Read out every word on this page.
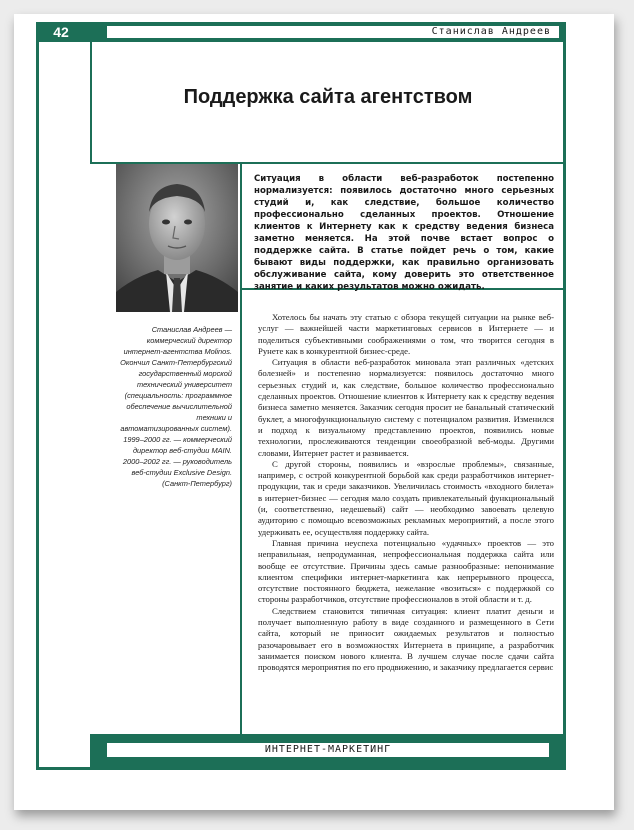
42	Станислав Андреев
Поддержка сайта агентством
Ситуация в области веб-разработок постепенно нормализуется: появилось достаточно много серьезных студий и, как следствие, большое количество профессионально сделанных проектов. Отношение клиентов к Интернету как к средству ведения бизнеса заметно меняется. На этой почве встает вопрос о поддержке сайта. В статье пойдет речь о том, какие бывают виды поддержки, как правильно организовать обслуживание сайта, кому доверить это ответственное занятие и каких результатов можно ожидать.
Станислав Андреев — коммерческий директор интернет-агентства Molinos. Окончил Санкт-Петербургский государственный морской технический университет (специальность: программное обеспечение вычислительной техники и автоматизированных систем). 1999–2000 гг. — коммерческий директор веб-студии MAIN. 2000–2002 гг. — руководитель веб-студии Exclusive Design. (Санкт-Петербург)

Хотелось бы начать эту статью с обзора текущей ситуации на рынке веб-услуг — важнейшей части маркетинговых сервисов в Интернете — и поделиться субъективными соображениями о том, что творится сегодня в Рунете как в конкурентной бизнес-среде.

Ситуация в области веб-разработок миновала этап различных «детских болезней» и постепенно нормализуется: появилось достаточно много серьезных студий и, как следствие, большое количество профессионально сделанных проектов. Отношение клиентов к Интернету как к средству ведения бизнеса заметно меняется. Заказчик сегодня просит не банальный статический буклет, а многофункциональную систему с потенциалом развития. Изменился и подход к визуальному представлению проектов, появились новые технологии, прослеживаются тенденции своеобразной веб-моды. Другими словами, Интернет растет и развивается.

С другой стороны, появились и «взрослые проблемы», связанные, например, с острой конкурентной борьбой как среди разработчиков интернет-продукции, так и среди заказчиков. Увеличилась стоимость «входного билета» в интернет-бизнес — сегодня мало создать привлекательный функциональный (и, соответственно, недешевый) сайт — необходимо завоевать целевую аудиторию с помощью всевозможных рекламных мероприятий, а после этого удерживать ее, осуществляя поддержку сайта.

Главная причина неуспеха потенциально «удачных» проектов — это неправильная, непродуманная, непрофессиональная поддержка сайта или вообще ее отсутствие. Причины здесь самые разнообразные: непонимание клиентом специфики интернет-маркетинга как непрерывного процесса, отсутствие постоянного бюджета, нежелание «возиться» с поддержкой со стороны разработчиков, отсутствие профессионалов в этой области и т. д.

Следствием становится типичная ситуация: клиент платит деньги и получает выполненную работу в виде созданного и размещенного в Сети сайта, который не приносит ожидаемых результатов и полностью разочаровывает его в возможностях Интернета в принципе, а разработчик занимается поиском нового клиента. В лучшем случае после сдачи сайта проводятся мероприятия по его продвижению, и заказчику предлагается сервис

ИНТЕРНЕТ-МАРКЕТИНГ
